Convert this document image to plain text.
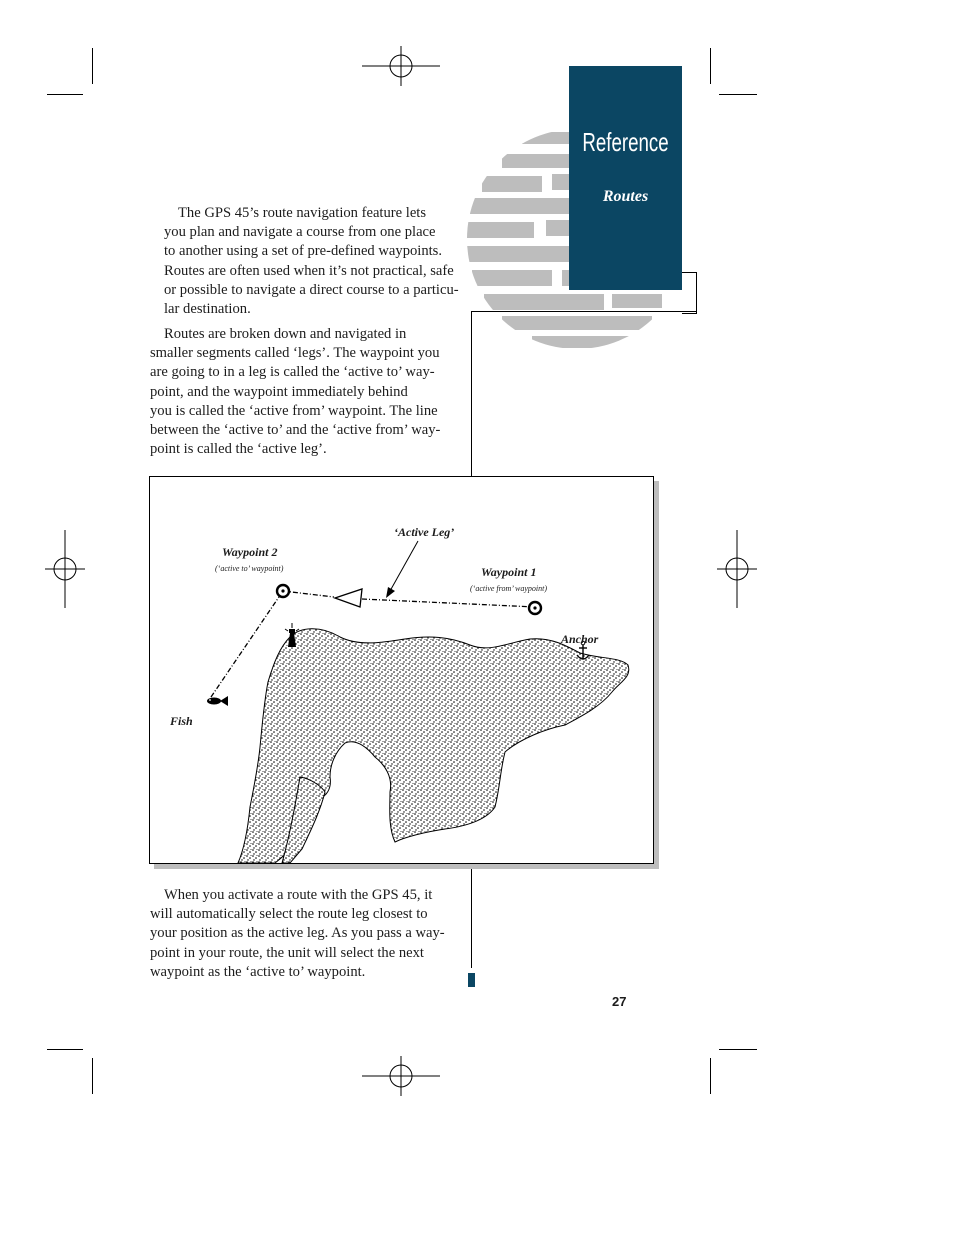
Reference
Routes
The GPS 45’s route navigation feature lets
you plan and navigate a course from one place
to another using a set of pre-defined waypoints.
Routes are often used when it’s not practical, safe
or possible to navigate a direct course to a particu-
lar destination.
Routes are broken down and navigated in
smaller segments called ‘legs’. The waypoint you
are going to in a leg is called the ‘active to’ way-
point, and the waypoint immediately behind
you is called the ‘active from’ waypoint. The line
between the ‘active to’ and the ‘active from’ way-
point is called the ‘active leg’.
When you activate a route with the GPS 45, it
will automatically select the route leg closest to
your position as the active leg. As you pass a way-
point in your route, the unit will select the next
waypoint as the ‘active to’ waypoint.
‘Active Leg’
Waypoint 2
(‘active to’ waypoint)	Waypoint 1
(‘active from’ waypoint)
Anchor
Fish
27
